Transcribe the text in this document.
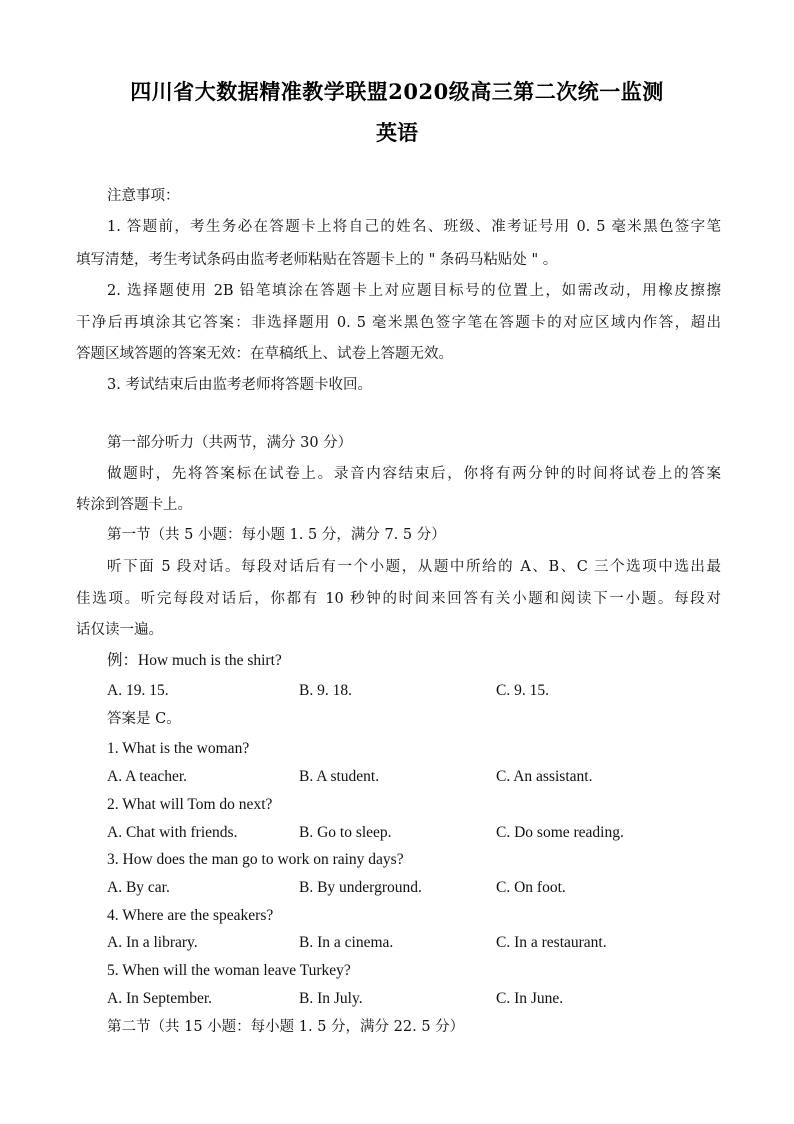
四川省大数据精准教学联盟2020级高三第二次统一监测
英语
注意事项：
1. 答题前，考生务必在答题卡上将自己的姓名、班级、准考证号用 0. 5 毫米黑色签字笔
填写清楚，考生考试条码由监考老师粘贴在答题卡上的 " 条码马粘贴处 " 。
2. 选择题使用 2B 铅笔填涂在答题卡上对应题目标号的位置上，如需改动，用橡皮擦擦
干净后再填涂其它答案：非选择题用 0. 5 毫米黑色签字笔在答题卡的对应区域内作答，超出
答题区域答题的答案无效：在草稿纸上、试卷上答题无效。
3. 考试结束后由监考老师将答题卡收回。
第一部分听力（共两节，满分 30 分）
做题时，先将答案标在试卷上。录音内容结束后，你将有两分钟的时间将试卷上的答案
转涂到答题卡上。
第一节（共 5 小题：每小题 1. 5 分，满分 7. 5 分）
听下面 5 段对话。每段对话后有一个小题，从题中所给的 A、B、C 三个选项中选出最
佳选项。听完每段对话后，你都有 10 秒钟的时间来回答有关小题和阅读下一小题。每段对
话仅读一遍。
例：How much is the shirt?
A. 19. 15.	B. 9. 18.	C. 9. 15.
答案是 C。
1. What is the woman?
A. A teacher.	B. A student.	C. An assistant.
2. What will Tom do next?
A. Chat with friends.	B. Go to sleep.	C. Do some reading.
3. How does the man go to work on rainy days?
A. By car.	B. By underground.	C. On foot.
4. Where are the speakers?
A. In a library.	B. In a cinema.	C. In a restaurant.
5. When will the woman leave Turkey?
A. In September.	B. In July.	C. In June.
第二节（共 15 小题：每小题 1. 5 分，满分 22. 5 分）
